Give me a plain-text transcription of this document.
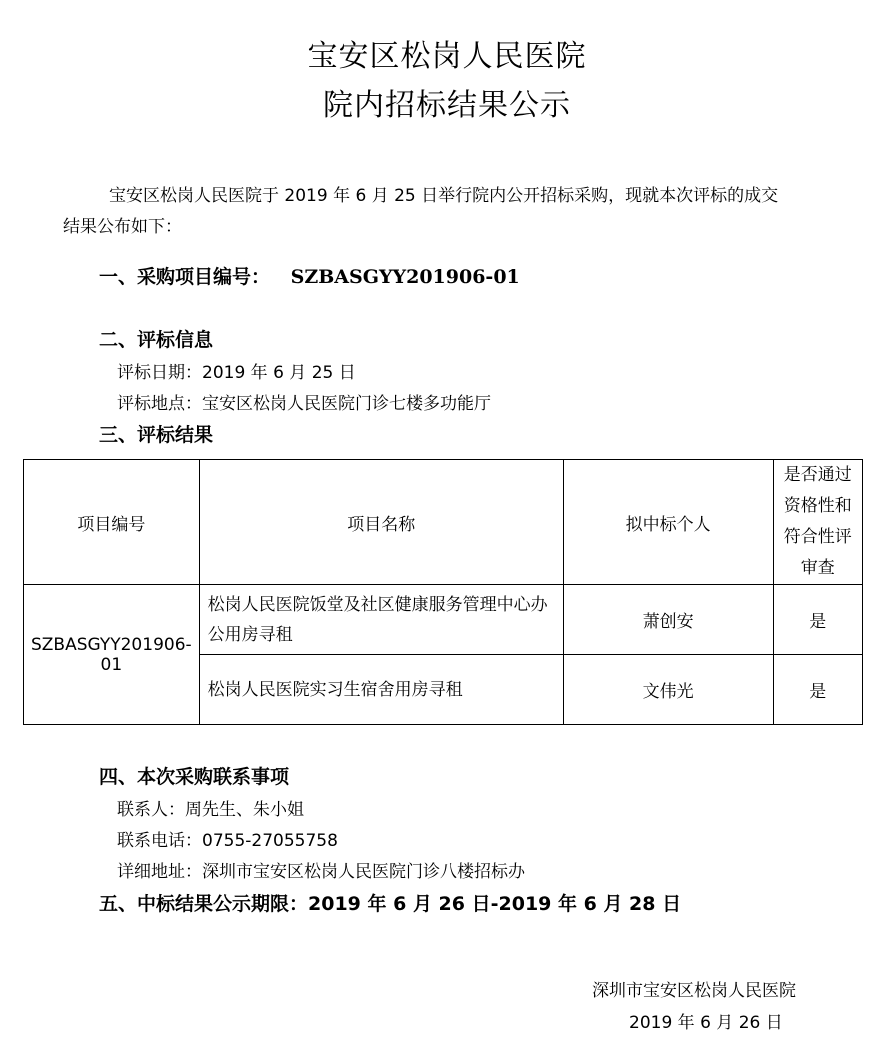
宝安区松岗人民医院
院内招标结果公示
宝安区松岗人民医院于 2019 年 6 月 25 日举行院内公开招标采购，现就本次评标的成交
结果公布如下：
一、采购项目编号： SZBASGYY201906-01
二、评标信息
评标日期：2019 年 6 月 25 日
评标地点：宝安区松岗人民医院门诊七楼多功能厅
三、评标结果
项目编号	项目名称	拟中标个人	是否通过资格性和符合性评审查
SZBASGYY201906-01	松岗人民医院饭堂及社区健康服务管理中心办公用房寻租	萧创安	是
	松岗人民医院实习生宿舍用房寻租	文伟光	是
四、本次采购联系事项
联系人：周先生、朱小姐
联系电话：0755-27055758
详细地址：深圳市宝安区松岗人民医院门诊八楼招标办
五、中标结果公示期限：2019 年 6 月 26 日-2019 年 6 月 28 日
深圳市宝安区松岗人民医院
2019 年 6 月 26 日
